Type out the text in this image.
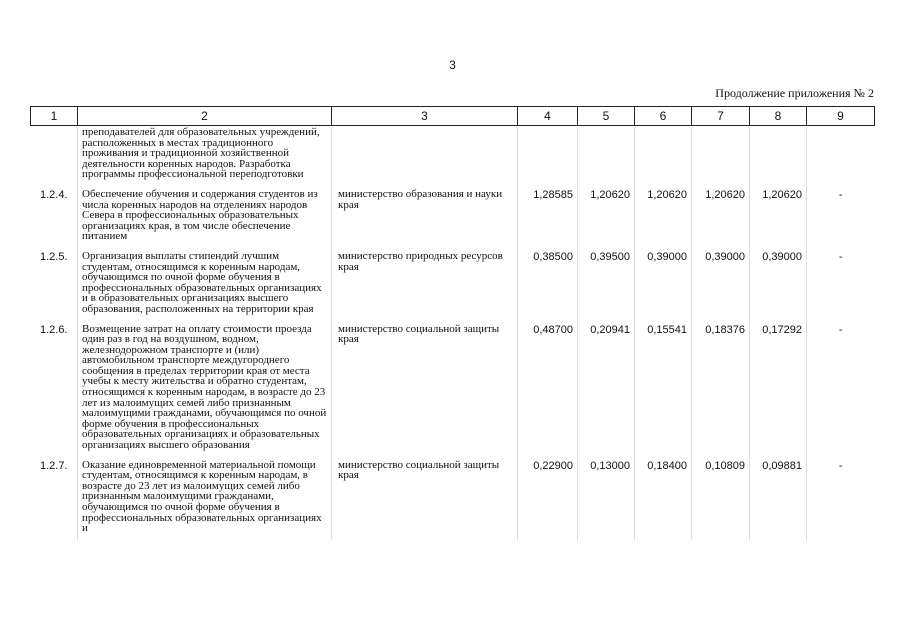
3
Продолжение приложения № 2
1	2	3	4	5	6	7	8	9
	преподавателей для образовательных учреждений, расположенных в местах традиционного проживания и традиционной хозяйственной деятельности коренных народов. Разработка программы профессиональной переподготовки							
1.2.4.	Обеспечение обучения и содержания студентов из числа коренных народов на отделениях народов Севера в профессиональных образовательных организациях края, в том числе обеспечение питанием	министерство образования и науки края	1,28585	1,20620	1,20620	1,20620	1,20620	-
1.2.5.	Организация выплаты стипендий лучшим студентам, относящимся к коренным народам, обучающимся по очной форме обучения в профессиональных образовательных организациях и в образовательных организациях высшего образования, расположенных на территории края	министерство природных ресурсов края	0,38500	0,39500	0,39000	0,39000	0,39000	-
1.2.6.	Возмещение затрат на оплату стоимости проезда один раз в год на воздушном, водном, железнодорожном транспорте и (или) автомобильном транспорте междугороднего сообщения в пределах территории края от места учебы к месту жительства и обратно студентам, относящимся к коренным народам, в возрасте до 23 лет из малоимущих семей либо признанным малоимущими гражданами, обучающимся по очной форме обучения в профессиональных образовательных организациях и образовательных организациях высшего образования	министерство социальной защиты края	0,48700	0,20941	0,15541	0,18376	0,17292	-
1.2.7.	Оказание единовременной материальной помощи студентам, относящимся к коренным народам, в возрасте до 23 лет из малоимущих семей либо признанным малоимущими гражданами, обучающимся по очной форме обучения в профессиональных образовательных организациях и	министерство социальной защиты края	0,22900	0,13000	0,18400	0,10809	0,09881	-
